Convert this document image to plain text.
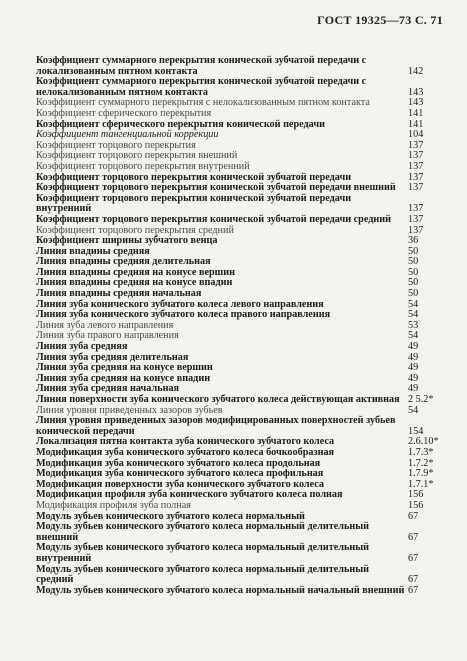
ГОСТ 19325—73 С. 71
Коэффициент суммарного перекрытия конической зубчатой передачи с локализованным пятном контакта	142
Коэффициент суммарного перекрытия конической зубчатой передачи с нелокализованным пятном контакта	143
Коэффициент суммарного перекрытия с нелокализованным пятном контакта	143
Коэффициент сферического перекрытия	141
Коэффициент сферического перекрытия конической передачи	141
Коэффициент тангенциальной коррекции	104
Коэффициент торцового перекрытия	137
Коэффициент торцового перекрытия внешний	137
Коэффициент торцового перекрытия внутренний	137
Коэффициент торцового перекрытия конической зубчатой передачи	137
Коэффициент торцового перекрытия конической зубчатой передачи внешний 137
Коэффициент торцового перекрытия конической зубчатой передачи внутренний	137
Коэффициент торцового перекрытия конической зубчатой передачи средний 137
Коэффициент торцового перекрытия средний	137
Коэффициент ширины зубчатого венца	36
Линия впадины средняя	50
Линия впадины средняя делительная	50
Линия впадины средняя на конусе вершин	50
Линия впадины средняя на конусе впадин	50
Линия впадины средняя начальная	50
Линия зуба конического зубчатого колеса левого направления	54
Линия зуба конического зубчатого колеса правого направления	54
Линия зуба левого направления	53
Линия зуба правого направления	54
Линия зуба средняя	49
Линия зуба средняя делительная	49
Линия зуба средняя на конусе вершин	49
Линия зуба средняя на конусе впадин	49
Линия зуба средняя начальная	49
Линия поверхности зуба конического зубчатого колеса действующая активная 2 5.2*
Линия уровня приведенных зазоров зубьев	54
Линия уровня приведенных зазоров модифицированных поверхностей зубьев конической передачи	154
Локализация пятна контакта зуба конического зубчатого колеса	2.6.10*
Модификация зуба конического зубчатого колеса бочкообразная	1.7.3*
Модификация зуба конического зубчатого колеса продольная	1.7.2*
Модификация зуба конического зубчатого колеса профильная	1.7.9*
Модификация поверхности зуба конического зубчатого колеса	1.7.1*
Модификация профиля зуба конического зубчатого колеса полная	156
Модификация профиля зуба полная	156
Модуль зубьев конического зубчатого колеса нормальный	67
Модуль зубьев конического зубчатого колеса нормальный делительный внешний	67
Модуль зубьев конического зубчатого колеса нормальный делительный внутренний	67
Модуль зубьев конического зубчатого колеса нормальный делительный средний	67
Модуль зубьев конического зубчатого колеса нормальный начальный внешний 67
